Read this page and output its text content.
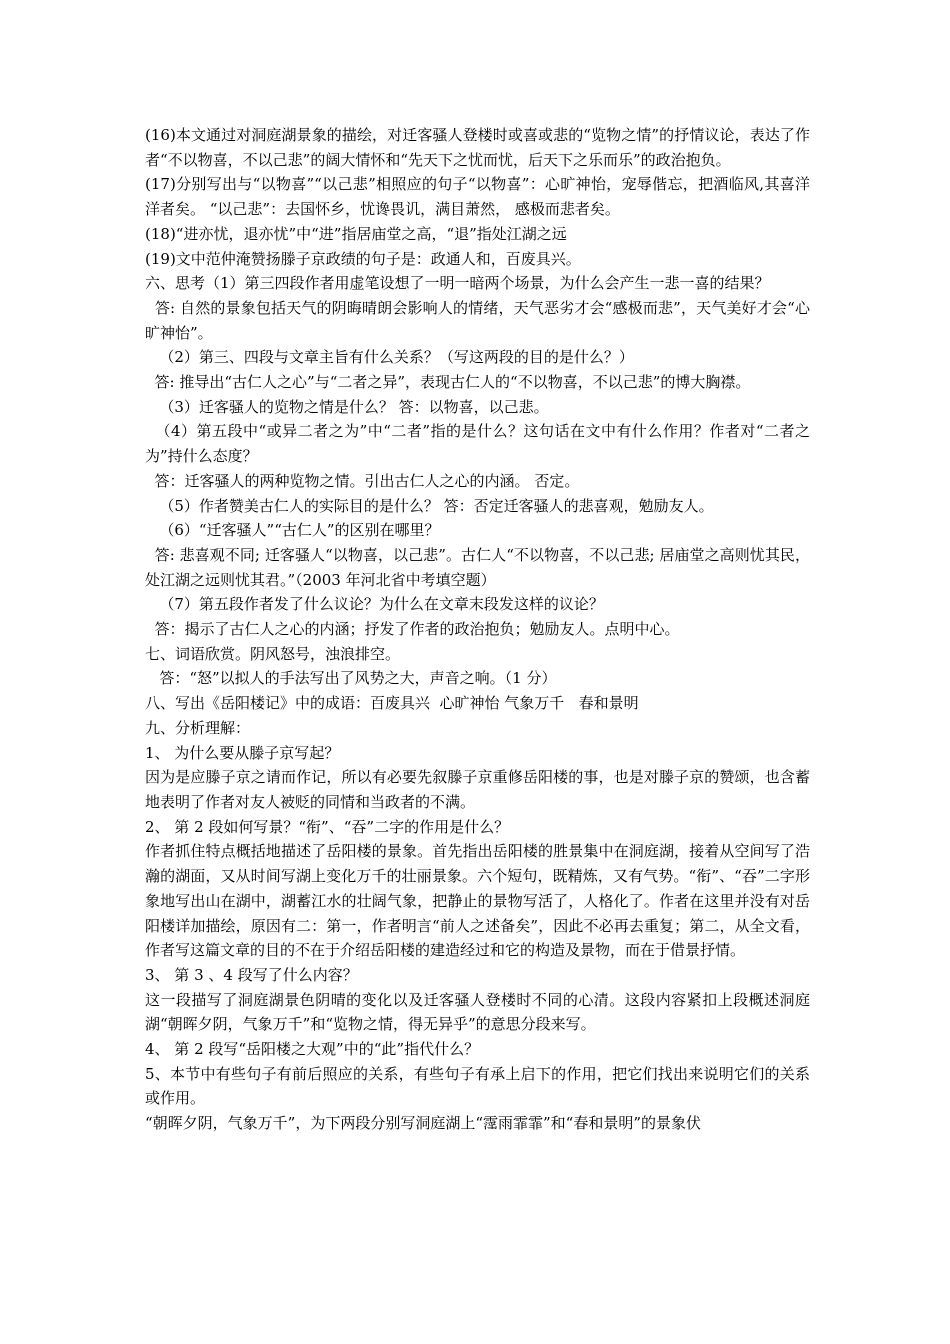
(16)本文通过对洞庭湖景象的描绘，对迁客骚人登楼时或喜或悲的“览物之情”的抒情议论，表达了作者“不以物喜，不以己悲”的阔大情怀和“先天下之忧而忧，后天下之乐而乐”的政治抱负。

(17)分别写出与“以物喜”“以己悲”相照应的句子“以物喜”：心旷神怡，宠辱偕忘，把酒临风,其喜洋洋者矣。 “以己悲”：去国怀乡，忧谗畏讥，满目萧然， 感极而悲者矣。

(18)“进亦忧，退亦忧”中“进”指居庙堂之高，“退”指处江湖之远

(19)文中范仲淹赞扬滕子京政绩的句子是：政通人和，百废具兴。

六、思考（1）第三四段作者用虚笔设想了一明一暗两个场景，为什么会产生一悲一喜的结果？

答: 自然的景象包括天气的阴晦晴朗会影响人的情绪，天气恶劣才会“感极而悲”，天气美好才会“心旷神怡”。

（2）第三、四段与文章主旨有什么关系？（写这两段的目的是什么？）

答: 推导出“古仁人之心”与“二者之异”，表现古仁人的“不以物喜，不以己悲”的博大胸襟。

（3）迁客骚人的览物之情是什么？ 答：以物喜，以己悲。

（4）第五段中“或异二者之为”中“二者”指的是什么？这句话在文中有什么作用？作者对“二者之为”持什么态度？

答：迁客骚人的两种览物之情。引出古仁人之心的内涵。 否定。

（5）作者赞美古仁人的实际目的是什么？ 答：否定迁客骚人的悲喜观，勉励友人。

（6）“迁客骚人”“古仁人”的区别在哪里？

答: 悲喜观不同; 迁客骚人“以物喜，以己悲”。古仁人“不以物喜，不以己悲; 居庙堂之高则忧其民，处江湖之远则忧其君。”（2003 年河北省中考填空题）

（7）第五段作者发了什么议论？为什么在文章末段发这样的议论？

答：揭示了古仁人之心的内涵；抒发了作者的政治抱负；勉励友人。点明中心。

七、词语欣赏。阴风怒号，浊浪排空。

答：“怒”以拟人的手法写出了风势之大，声音之响。（1 分）

八、写出《岳阳楼记》中的成语：百废具兴  心旷神怡 气象万千   春和景明

九、分析理解：

1、 为什么要从滕子京写起？

因为是应滕子京之请而作记，所以有必要先叙滕子京重修岳阳楼的事，也是对滕子京的赞颂，也含蓄地表明了作者对友人被贬的同情和当政者的不满。

2、 第 2 段如何写景？“衔”、“吞”二字的作用是什么？

作者抓住特点概括地描述了岳阳楼的景象。首先指出岳阳楼的胜景集中在洞庭湖，接着从空间写了浩瀚的湖面，又从时间写湖上变化万千的壮丽景象。六个短句，既精炼，又有气势。“衔”、“吞”二字形象地写出山在湖中，湖蓄江水的壮阔气象，把静止的景物写活了，人格化了。作者在这里并没有对岳阳楼详加描绘，原因有二：第一，作者明言“前人之述备矣”，因此不必再去重复；第二，从全文看，作者写这篇文章的目的不在于介绍岳阳楼的建造经过和它的构造及景物，而在于借景抒情。

3、 第 3 、4 段写了什么内容？

这一段描写了洞庭湖景色阴晴的变化以及迁客骚人登楼时不同的心清。这段内容紧扣上段概述洞庭湖“朝晖夕阴，气象万千”和“览物之情，得无异乎”的意思分段来写。

4、 第 2 段写“岳阳楼之大观”中的“此”指代什么？

5、本节中有些句子有前后照应的关系，有些句子有承上启下的作用，把它们找出来说明它们的关系或作用。

“朝晖夕阴，气象万千”，为下两段分别写洞庭湖上“霪雨霏霏”和“春和景明”的景象伏
